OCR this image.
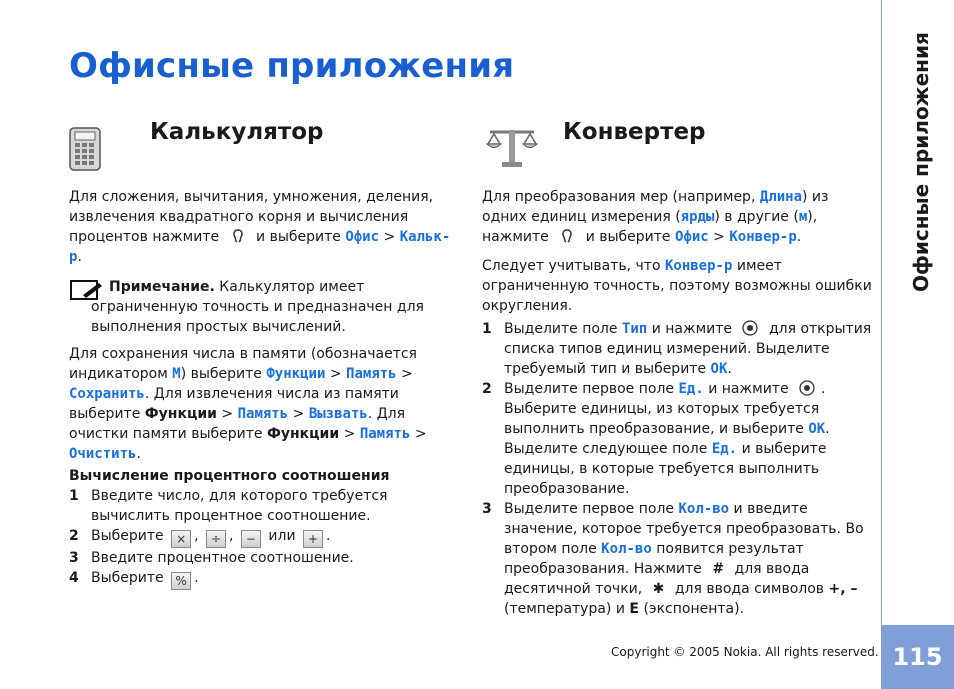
Офисные приложения
115
Офисные приложения
Калькулятор	Конвертер

Для сложения, вычитания, умножения, деления, извлечения квадратного корня и вычисления процентов нажмите	и выберите Офис > Кальк-р.

Примечание. Калькулятор имеет ограниченную точность и предназначен для выполнения простых вычислений.

Для сохранения числа в памяти (обозначается индикатором M) выберите Функции > Память > Сохранить. Для извлечения числа из памяти выберите Функции > Память > Вызвать. Для очистки памяти выберите Функции > Память > Очистить.

Вычисление процентного соотношения

1 Введите число, для которого требуется вычислить процентное соотношение.
2 Выберите × , ÷ , − или + .
3 Введите процентное соотношение.
4 Выберите % .

Для преобразования мер (например, Длина) из одних единиц измерения (ярды) в другие (м), нажмите	и выберите Офис > Конвер-р.

Следует учитывать, что Конвер-р имеет ограниченную точность, поэтому возможны ошибки округления.

1 Выделите поле Тип и нажмите	для открытия списка типов единиц измерений. Выделите требуемый тип и выберите OK.
2 Выделите первое поле Ед. и нажмите . Выберите единицы, из которых требуется выполнить преобразование, и выберите OK. Выделите следующее поле Ед. и выберите единицы, в которые требуется выполнить преобразование.
3 Выделите первое поле Кол-во и введите значение, которое требуется преобразовать. Во втором поле Кол-во появится результат преобразования. Нажмите # для ввода десятичной точки, ✱ для ввода символов +, – (температура) и E (экспонента).
Copyright © 2005 Nokia. All rights reserved.
